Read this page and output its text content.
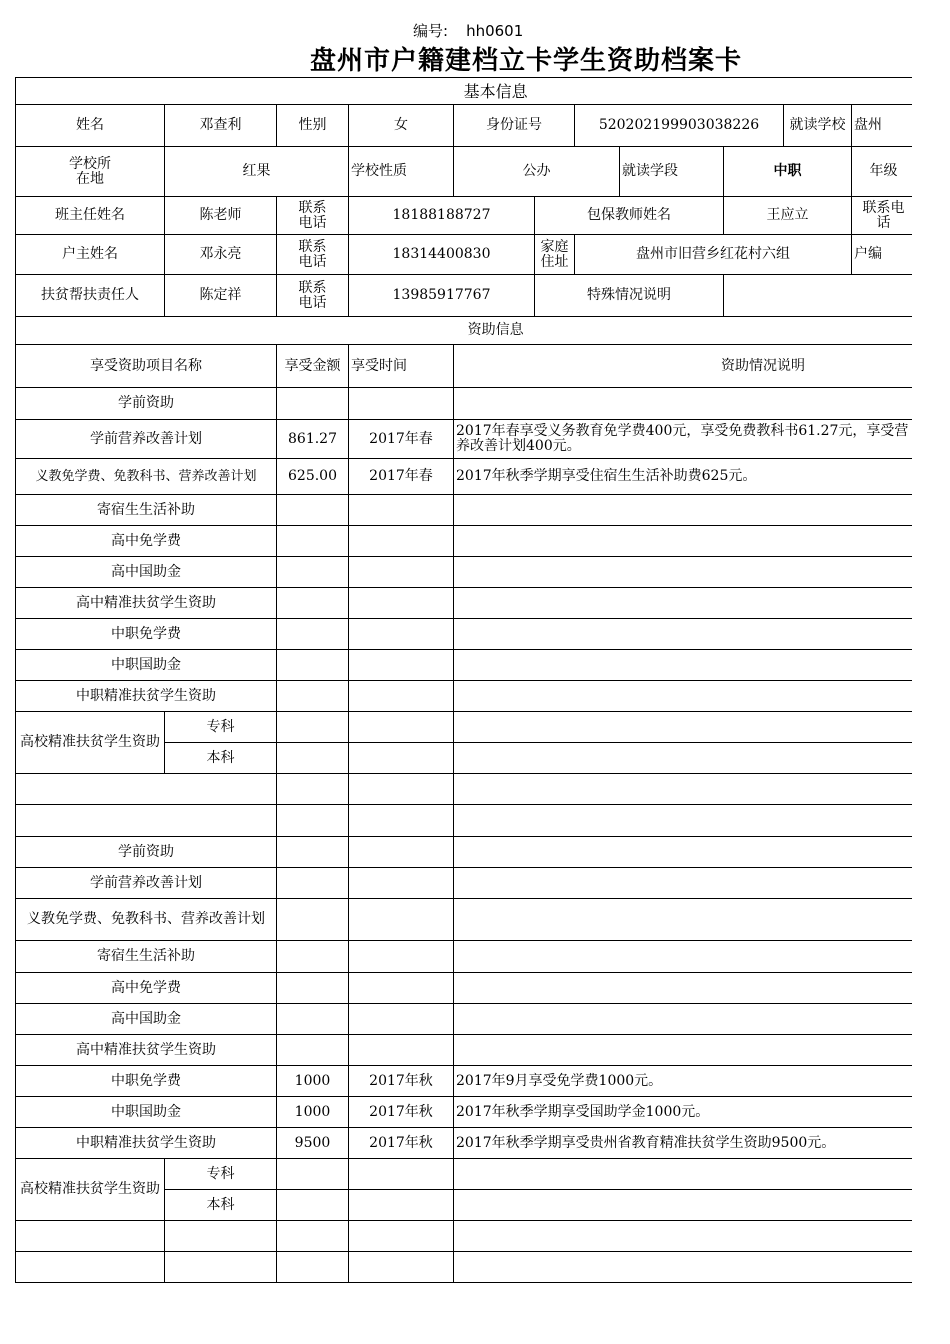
编号: hh0601
盘州市户籍建档立卡学生资助档案卡
基本信息											
姓名	邓查利	性别	女	身份证号		520202199903038226			就读学校	盘州	

学校所在地	红果		学校性质	公办			就读学段	中职		年级	
班主任姓名	陈老师	联系电话	18188188727		包保教师姓名			王应立		联系电话	

户主姓名	邓永亮	联系电话	18314400830		家庭住址	盘州市旧营乡红花村六组				户编	
扶贫帮扶责任人	陈定祥	联系电话	13985917767		特殊情况说明						
资助信息											
享受资助项目名称		享受金额	享受时间	资助情况说明							

学前资助											
学前营养改善计划		861.27	2017年春	2017年春享受义务教育免学费400元，享受免费教科书61.27元，享受营养改善计划400元。							

义教免学费、免教科书、营养改善计划		625.00	2017年春	2017年秋季学期享受住宿生生活补助费625元。							
寄宿生生活补助											
高中免学费											
高中国助金											
高中精准扶贫学生资助											
中职免学费											
中职国助金											
中职精准扶贫学生资助											

高校精准扶贫学生资助	专科										
	本科										

学前资助											
学前营养改善计划											

义教免学费、免教科书、营养改善计划											

寄宿生生活补助											
高中免学费											
高中国助金											
高中精准扶贫学生资助											
中职免学费		1000	2017年秋	2017年9月享受免学费1000元。							
中职国助金		1000	2017年秋	2017年秋季学期享受国助学金1000元。							
中职精准扶贫学生资助		9500	2017年秋	2017年秋季学期享受贵州省教育精准扶贫学生资助9500元。							

高校精准扶贫学生资助	专科										
	本科										
